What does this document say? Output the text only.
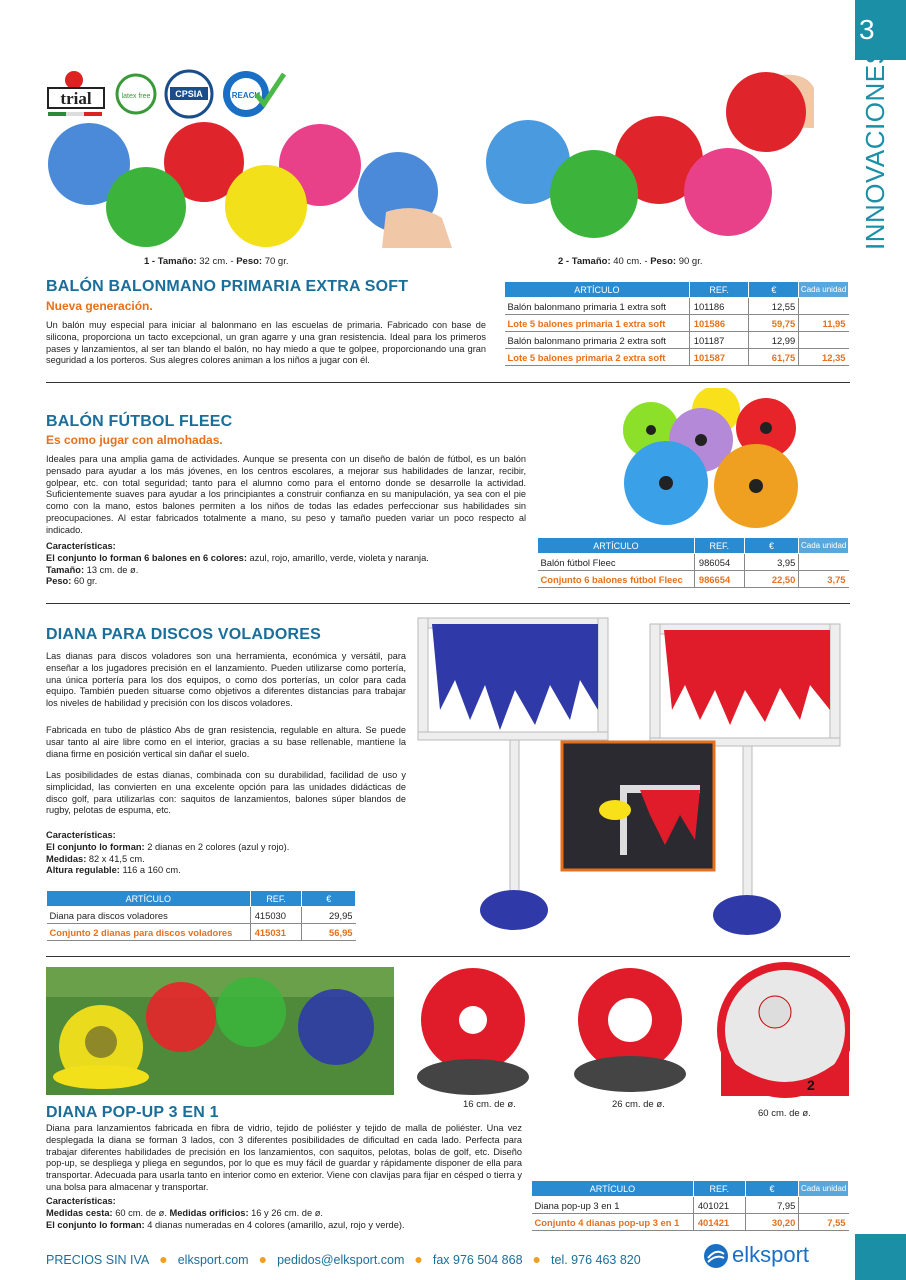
3
INNOVACIONES
trial	latex free	CPSIA	REACH
1 - Tamaño: 32 cm. - Peso: 70 gr.	2 - Tamaño: 40 cm. - Peso: 90 gr.
BALÓN BALONMANO PRIMARIA EXTRA SOFT
Nueva generación.
Un balón muy especial para iniciar al balonmano en las escuelas de primaria. Fabricado con base de silicona, proporciona un tacto excepcional, un gran agarre y una gran resistencia. Ideal para los primeros pases y lanzamientos, al ser tan blando el balón, no hay miedo a que te golpee, proporcionando una gran seguridad a los porteros. Sus alegres colores animan a los niños a jugar con él.
ARTÍCULO	REF.	€	Cada unidad
Balón balonmano primaria 1 extra soft	101186	12,55	
Lote 5 balones primaria 1 extra soft	101586	59,75	11,95
Balón balonmano primaria 2 extra soft	101187	12,99	
Lote 5 balones primaria 2 extra soft	101587	61,75	12,35
BALÓN FÚTBOL FLEEC
Es como jugar con almohadas.
Ideales para una amplia gama de actividades. Aunque se presenta con un diseño de balón de fútbol, es un balón pensado para ayudar a los más jóvenes, en los centros escolares, a mejorar sus habilidades de lanzar, recibir, golpear, etc. con total seguridad; tanto para el alumno como para el entorno donde se desarrolle la actividad. Suficientemente suaves para ayudar a los principiantes a construir confianza en su manipulación, ya sea con el pie como con la mano, estos balones permiten a los niños de todas las edades perfeccionar sus habilidades sin preocupaciones. Al estar fabricados totalmente a mano, su peso y tamaño pueden variar un poco respecto al indicado.
Características:
El conjunto lo forman 6 balones en 6 colores: azul, rojo, amarillo, verde, violeta y naranja.
Tamaño: 13 cm. de ø.
Peso: 60 gr.
ARTÍCULO	REF.	€	Cada unidad
Balón fútbol Fleec	986054	3,95	
Conjunto 6 balones fútbol Fleec	986654	22,50	3,75
DIANA PARA DISCOS VOLADORES
Las dianas para discos voladores son una herramienta, económica y versátil, para enseñar a los jugadores precisión en el lanzamiento. Pueden utilizarse como portería, una única portería para los dos equipos, o como dos porterías, un color para cada equipo. También pueden situarse como objetivos a diferentes distancias para trabajar los niveles de habilidad y precisión con los discos voladores.
Fabricada en tubo de plástico Abs de gran resistencia, regulable en altura. Se puede usar tanto al aire libre como en el interior, gracias a su base rellenable, mantiene la diana firme en posición vertical sin dañar el suelo.
Las posibilidades de estas dianas, combinada con su durabilidad, facilidad de uso y simplicidad, las convierten en una excelente opción para las unidades didácticas de disco golf, para utilizarlas con: saquitos de lanzamientos, balones súper blandos de rugby, pelotas de espuma, etc.
Características:
El conjunto lo forman: 2 dianas en 2 colores (azul y rojo).
Medidas: 82 x 41,5 cm.
Altura regulable: 116 a 160 cm.
ARTÍCULO	REF.	€
Diana para discos voladores	415030	29,95
Conjunto 2 dianas para discos voladores	415031	56,95
2
16 cm. de ø.	26 cm. de ø.
60 cm. de ø.
DIANA POP-UP 3 EN 1
Diana para lanzamientos fabricada en fibra de vidrio, tejido de poliéster y tejido de malla de poliéster. Una vez desplegada la diana se forman 3 lados, con 3 diferentes posibilidades de dificultad en cada lado. Perfecta para trabajar diferentes habilidades de precisión en los lanzamientos, con saquitos, pelotas, bolas de golf, etc. Diseño pop-up, se despliega y pliega en segundos, por lo que es muy fácil de guardar y rápidamente disponer de ella para transportar. Adecuada para usarla tanto en interior como en exterior. Viene con clavijas para fijar en césped o tierra y una bolsa para almacenar y transportar.
Características:
Medidas cesta: 60 cm. de ø. Medidas orificios: 16 y 26 cm. de ø.
El conjunto lo forman: 4 dianas numeradas en 4 colores (amarillo, azul, rojo y verde).
ARTÍCULO	REF.	€	Cada unidad
Diana pop-up 3 en 1	401021	7,95	
Conjunto 4 dianas pop-up 3 en 1	401421	30,20	7,55
PRECIOS SIN IVA ● elksport.com ● pedidos@elksport.com ● fax 976 504 868 ● tel. 976 463 820	elksport
